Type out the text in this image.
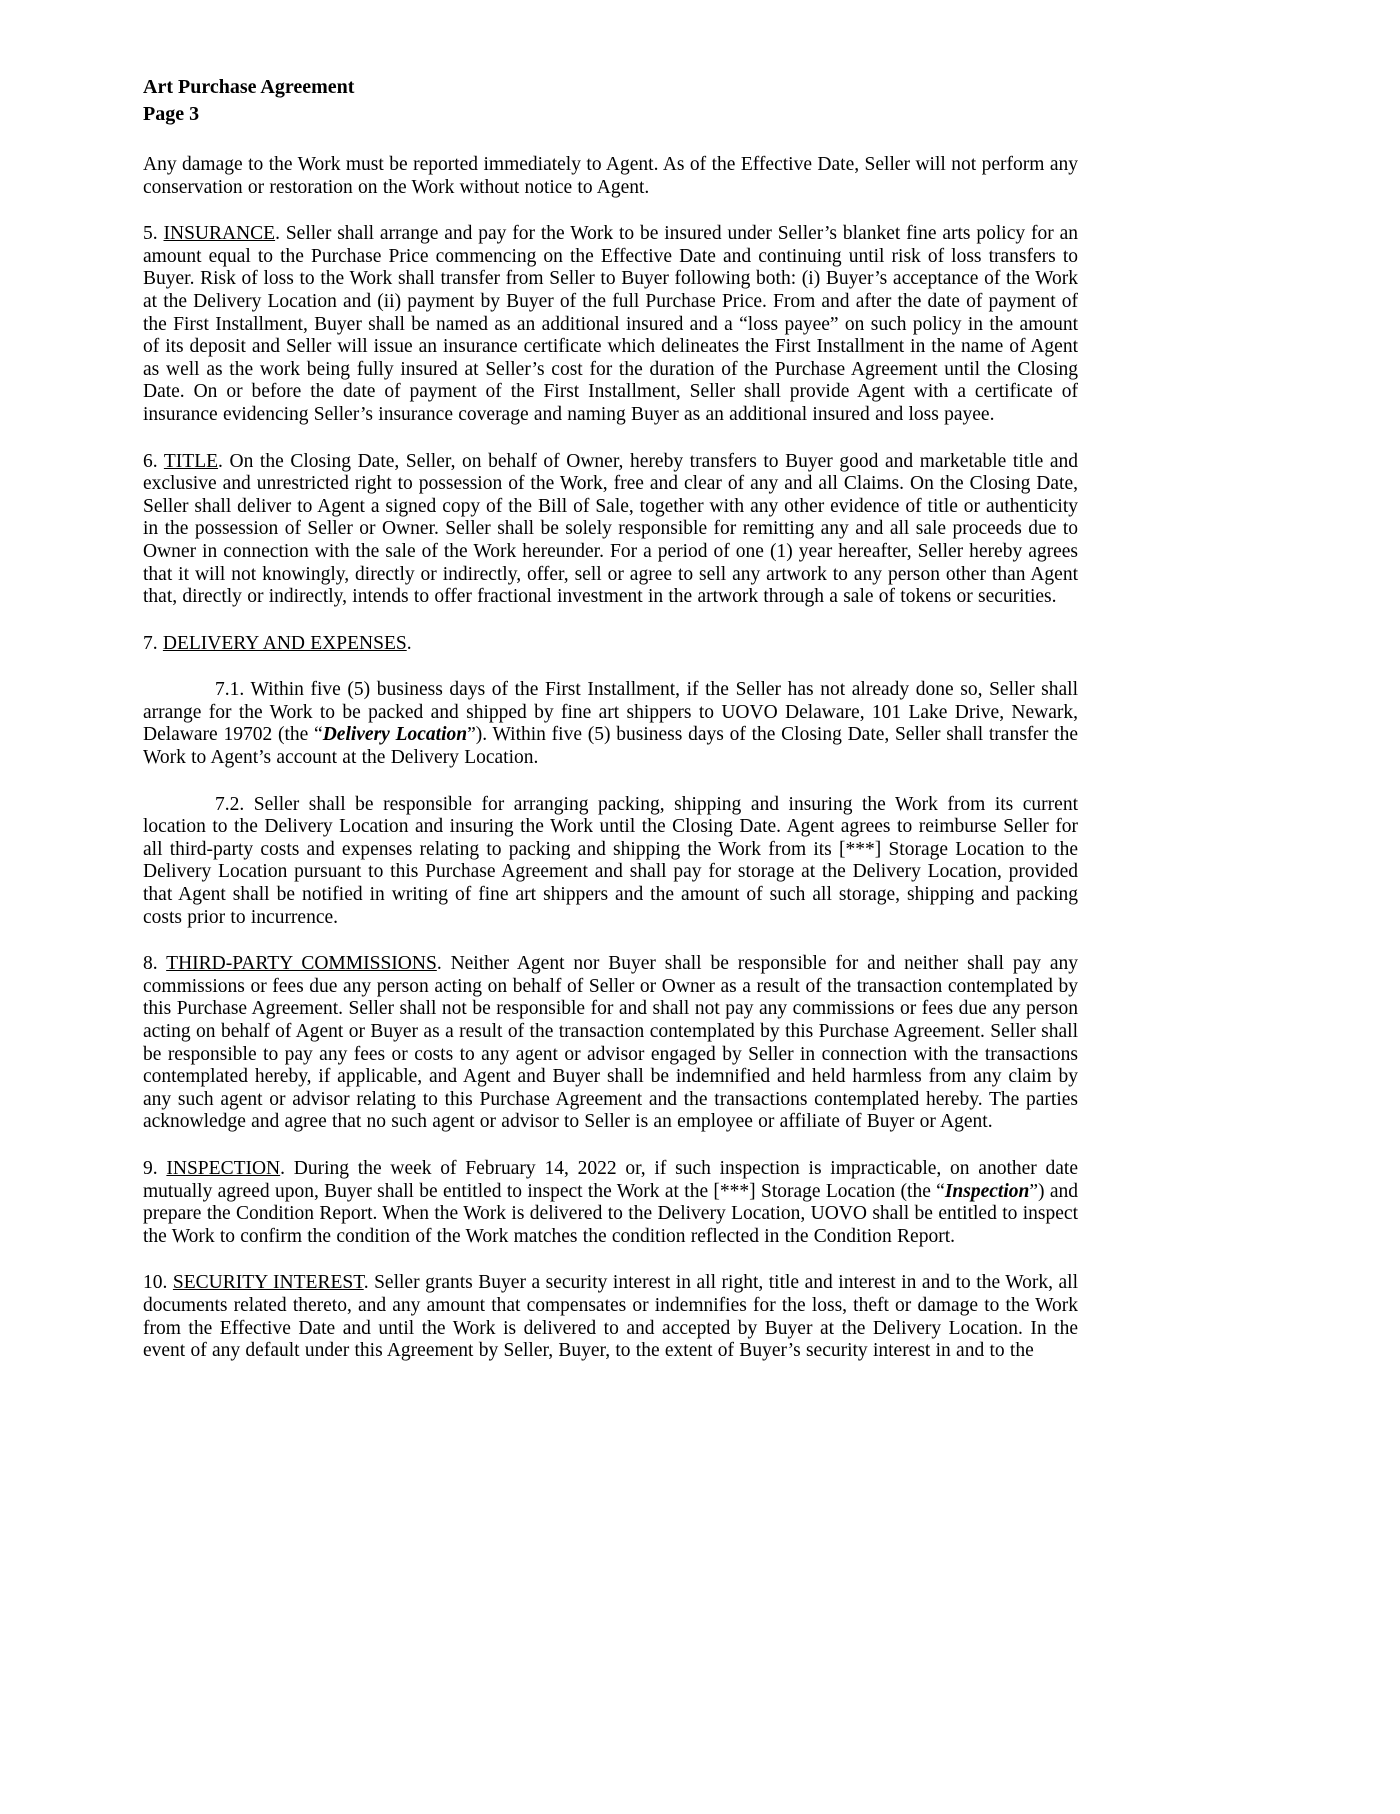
Art Purchase Agreement
Page 3

Any damage to the Work must be reported immediately to Agent. As of the Effective Date, Seller will not perform any conservation or restoration on the Work without notice to Agent.

5. INSURANCE. Seller shall arrange and pay for the Work to be insured under Seller’s blanket fine arts policy for an amount equal to the Purchase Price commencing on the Effective Date and continuing until risk of loss transfers to Buyer. Risk of loss to the Work shall transfer from Seller to Buyer following both: (i) Buyer’s acceptance of the Work at the Delivery Location and (ii) payment by Buyer of the full Purchase Price. From and after the date of payment of the First Installment, Buyer shall be named as an additional insured and a “loss payee” on such policy in the amount of its deposit and Seller will issue an insurance certificate which delineates the First Installment in the name of Agent as well as the work being fully insured at Seller’s cost for the duration of the Purchase Agreement until the Closing Date. On or before the date of payment of the First Installment, Seller shall provide Agent with a certificate of insurance evidencing Seller’s insurance coverage and naming Buyer as an additional insured and loss payee.

6. TITLE. On the Closing Date, Seller, on behalf of Owner, hereby transfers to Buyer good and marketable title and exclusive and unrestricted right to possession of the Work, free and clear of any and all Claims. On the Closing Date, Seller shall deliver to Agent a signed copy of the Bill of Sale, together with any other evidence of title or authenticity in the possession of Seller or Owner. Seller shall be solely responsible for remitting any and all sale proceeds due to Owner in connection with the sale of the Work hereunder. For a period of one (1) year hereafter, Seller hereby agrees that it will not knowingly, directly or indirectly, offer, sell or agree to sell any artwork to any person other than Agent that, directly or indirectly, intends to offer fractional investment in the artwork through a sale of tokens or securities.

7. DELIVERY AND EXPENSES.

7.1. Within five (5) business days of the First Installment, if the Seller has not already done so, Seller shall arrange for the Work to be packed and shipped by fine art shippers to UOVO Delaware, 101 Lake Drive, Newark, Delaware 19702 (the “Delivery Location”). Within five (5) business days of the Closing Date, Seller shall transfer the Work to Agent’s account at the Delivery Location.

7.2. Seller shall be responsible for arranging packing, shipping and insuring the Work from its current location to the Delivery Location and insuring the Work until the Closing Date. Agent agrees to reimburse Seller for all third-party costs and expenses relating to packing and shipping the Work from its [***] Storage Location to the Delivery Location pursuant to this Purchase Agreement and shall pay for storage at the Delivery Location, provided that Agent shall be notified in writing of fine art shippers and the amount of such all storage, shipping and packing costs prior to incurrence.

8. THIRD-PARTY COMMISSIONS. Neither Agent nor Buyer shall be responsible for and neither shall pay any commissions or fees due any person acting on behalf of Seller or Owner as a result of the transaction contemplated by this Purchase Agreement. Seller shall not be responsible for and shall not pay any commissions or fees due any person acting on behalf of Agent or Buyer as a result of the transaction contemplated by this Purchase Agreement. Seller shall be responsible to pay any fees or costs to any agent or advisor engaged by Seller in connection with the transactions contemplated hereby, if applicable, and Agent and Buyer shall be indemnified and held harmless from any claim by any such agent or advisor relating to this Purchase Agreement and the transactions contemplated hereby. The parties acknowledge and agree that no such agent or advisor to Seller is an employee or affiliate of Buyer or Agent.

9. INSPECTION. During the week of February 14, 2022 or, if such inspection is impracticable, on another date mutually agreed upon, Buyer shall be entitled to inspect the Work at the [***] Storage Location (the “Inspection”) and prepare the Condition Report. When the Work is delivered to the Delivery Location, UOVO shall be entitled to inspect the Work to confirm the condition of the Work matches the condition reflected in the Condition Report.

10. SECURITY INTEREST. Seller grants Buyer a security interest in all right, title and interest in and to the Work, all documents related thereto, and any amount that compensates or indemnifies for the loss, theft or damage to the Work from the Effective Date and until the Work is delivered to and accepted by Buyer at the Delivery Location. In the event of any default under this Agreement by Seller, Buyer, to the extent of Buyer’s security interest in and to the
